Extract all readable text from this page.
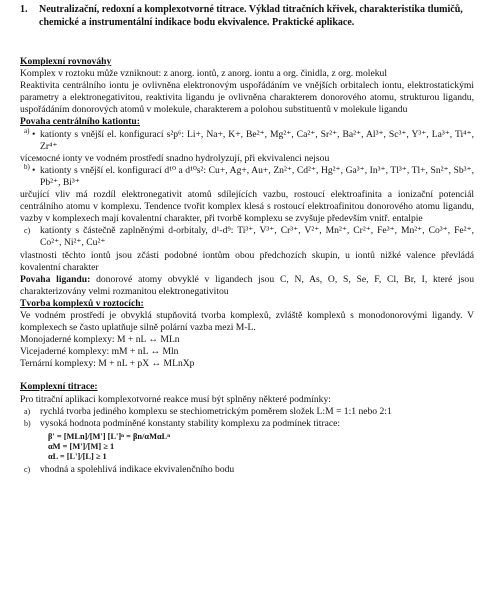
1.	Neutralizační, redoxní a komplexotvorné titrace. Výklad titračních křivek, charakteristika tlumičů, chemické a instrumentální indikace bodu ekvivalence. Praktické aplikace.

Komplexní rovnováhy

Komplex v roztoku může vzniknout: z anorg. iontů, z anorg. iontu a org. činidla, z org. molekul

Reaktivita centrálního iontu je ovlivněna elektronovým uspořádáním ve vnějších orbitalech iontu, elektrostatickými parametry a elektronegativitou, reaktivita ligandu je ovlivněna charakterem donorového atomu, strukturou ligandu, uspořádáním donorových atomů v molekule, charakterem a polohou substituentů v molekule ligandu

Povaha centrálního kationtu:

a) • kationty s vnější el. konfigurací s²p⁶: Li+, Na+, K+, Be²⁺, Mg²⁺, Ca²⁺, Sr²⁺, Ba²⁺, Al³⁺, Sc³⁺, Y³⁺, La³⁺, Ti⁴⁺, Zr⁴⁺

víceмocné ionty ve vodném prostředí snadno hydrolyzují, při ekvivalenci nejsou

b) • kationty s vnější el. konfigurací d¹⁰ a d¹⁰s²: Cu+, Ag+, Au+, Zn²⁺, Cd²⁺, Hg²⁺, Ga³⁺, In³⁺, Tl³⁺, Tl+, Sn²⁺, Sb³⁺, Pb²⁺, Bi³⁺

určující vliv má rozdíl elektronegativit atomů sdílejících vazbu, rostoucí elektroafinita a ionizační potenciál centrálního atomu v komplexu. Tendence tvořit komplex klesá s rostoucí elektroafinitou donorového atomu ligandu, vazby v komplexech mají kovalentní charakter, při tvorbě komplexu se zvyšuje především vnitř. entalpie

c) kationty s částečně zaplněnými d-orbitaly, d¹-d⁹: Ti³⁺, V³⁺, Cr³⁺, V²⁺, Mn²⁺, Cr²⁺, Fe³⁺, Mn²⁺, Co³⁺, Fe²⁺, Co²⁺, Ni²⁺, Cu²⁺

vlastnosti těchto iontů jsou zčásti podobné iontům obou předchozích skupin, u iontů nižké valence převládá kovalentní charakter

Povaha ligandu: donorové atomy obvyklé v ligandech jsou C, N, As, O, S, Se, F, Cl, Br, I, které jsou charakterizovány velmi rozmanitou elektronegativitou

Tvorba komplexů v roztocích:

Ve vodném prostředí je obvyklá stupňovitá tvorba komplexů, zvláště komplexů s monodonorovými ligandy. V komplexech se často uplatňuje silně polární vazba mezi M-L.

Monojaderné komplexy: M + nL ↔ MLn

Vicejaderné komplexy: mM + nL ↔ Mln

Ternární komplexy: M + nL + pX ↔ MLnXp

Komplexní titrace:

Pro titrační aplikaci komplexotvorné reakce musí být splněny některé podmínky:

a) rychlá tvorba jediného komplexu se stechiometrickým poměrem složek L:M = 1:1 nebo 2:1
b) vysoká hodnota podmíněné konstanty stability komplexu za podmínek titrace:
β' = [MLn]/[M'] [L']ⁿ = βn/αMαLⁿ
αM = [M']/[M] ≥ 1
αL = [L']/[L] ≥ 1
c) vhodná a spolehlivá indikace ekvivalenčního bodu
